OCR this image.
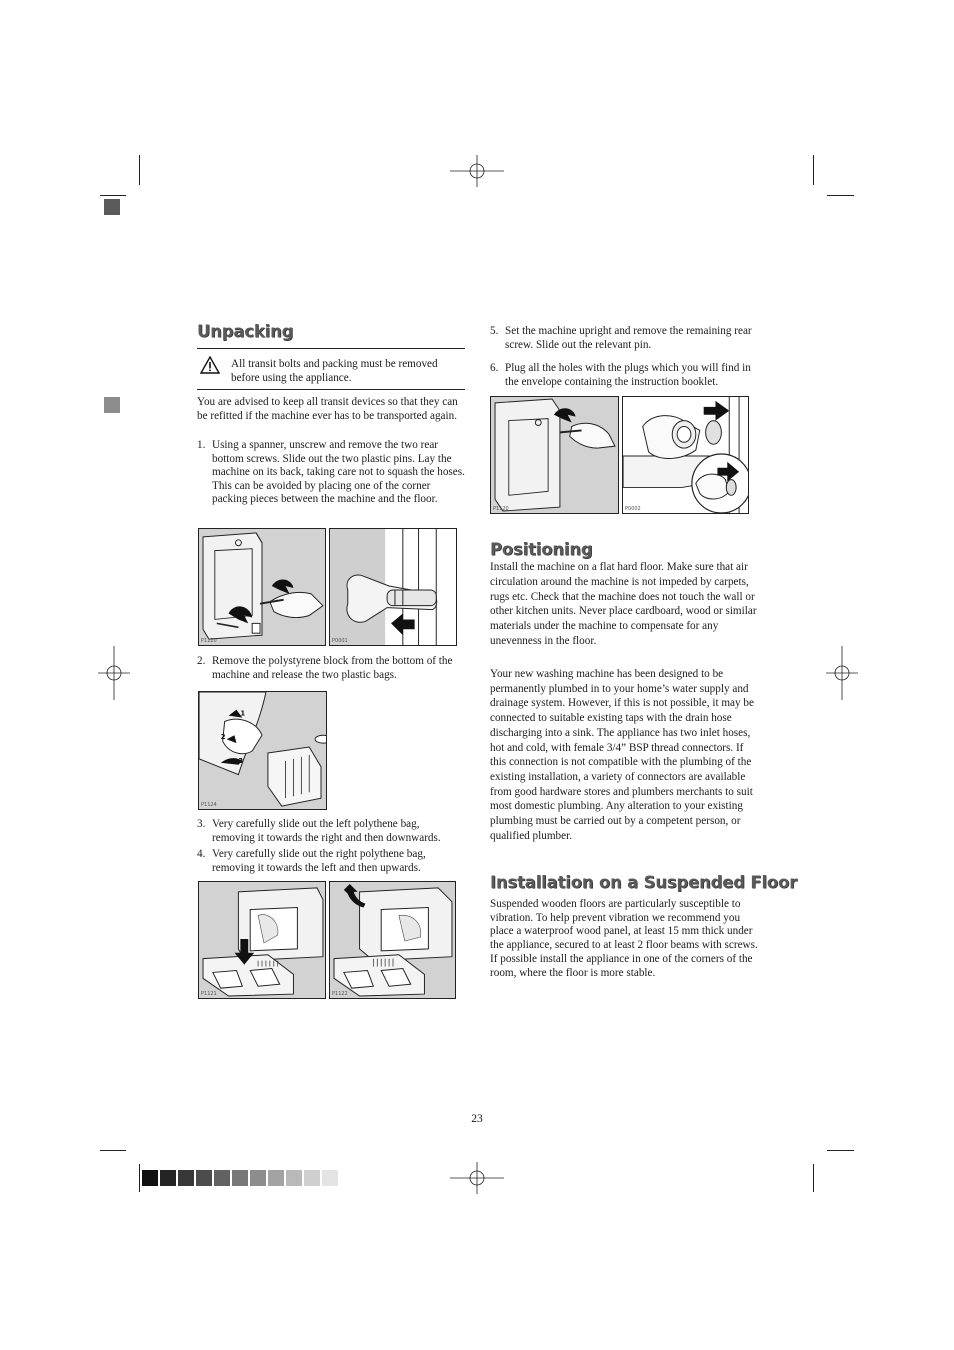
Unpacking
All transit bolts and packing must be removed before using the appliance.

You are advised to keep all transit devices so that they can be refitted if the machine ever has to be transported again.

1. Using a spanner, unscrew and remove the two rear bottom screws. Slide out the two plastic pins. Lay the machine on its back, taking care not to squash the hoses. This can be avoided by placing one of the corner packing pieces between the machine and the floor.
P1120	P0001
2. Remove the polystyrene block from the bottom of the machine and release the two plastic bags.
1
2
3
P1124
3. Very carefully slide out the left polythene bag, removing it towards the right and then downwards.
4. Very carefully slide out the right polythene bag, removing it towards the left and then upwards.
P1121	P1122
5. Set the machine upright and remove the remaining rear screw. Slide out the relevant pin.
6. Plug all the holes with the plugs which you will find in the envelope containing the instruction booklet.
P1120	P0002
Positioning

Install the machine on a flat hard floor. Make sure that air circulation around the machine is not impeded by carpets, rugs etc. Check that the machine does not touch the wall or other kitchen units. Never place cardboard, wood or similar materials under the machine to compensate for any unevenness in the floor.

Your new washing machine has been designed to be permanently plumbed in to your home’s water supply and drainage system. However, if this is not possible, it may be connected to suitable existing taps with the drain hose discharging into a sink. The appliance has two inlet hoses, hot and cold, with female 3/4” BSP thread connectors. If this connection is not compatible with the plumbing of the existing installation, a variety of connectors are available from good hardware stores and plumbers merchants to suit most domestic plumbing. Any alteration to your existing plumbing must be carried out by a competent person, or qualified plumber.

Installation on a Suspended Floor

Suspended wooden floors are particularly susceptible to vibration. To help prevent vibration we recommend you place a waterproof wood panel, at least 15 mm thick under the appliance, secured to at least 2 floor beams with screws. If possible install the appliance in one of the corners of the room, where the floor is more stable.

23
